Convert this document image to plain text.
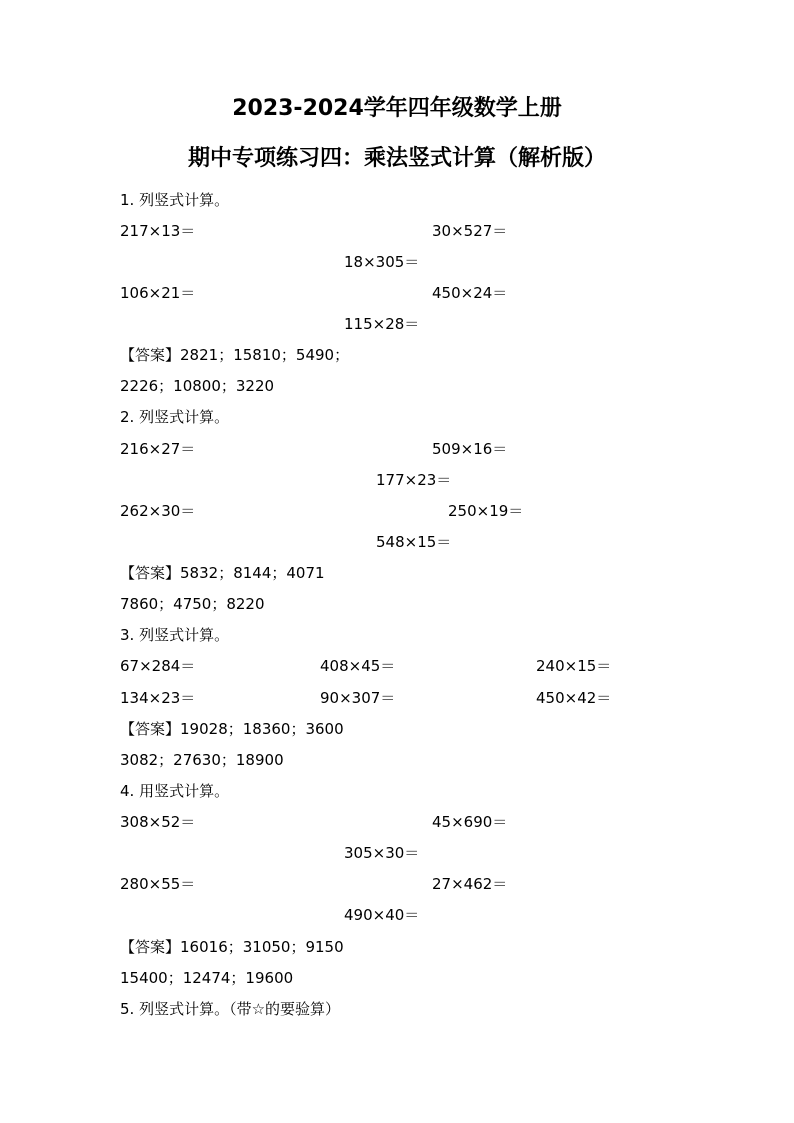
2023-2024学年四年级数学上册
期中专项练习四：乘法竖式计算（解析版）
1. 列竖式计算。
217×13＝	30×527＝
18×305＝
106×21＝	450×24＝
115×28＝
【答案】2821；15810；5490；
2226；10800；3220
2. 列竖式计算。
216×27＝	509×16＝
177×23＝
262×30＝	250×19＝
548×15＝
【答案】5832；8144；4071
7860；4750；8220
3. 列竖式计算。
67×284＝	408×45＝	240×15＝
134×23＝	90×307＝	450×42＝
【答案】19028；18360；3600
3082；27630；18900
4. 用竖式计算。
308×52＝	45×690＝
305×30＝
280×55＝	27×462＝
490×40＝
【答案】16016；31050；9150
15400；12474；19600
5. 列竖式计算。（带☆的要验算）
